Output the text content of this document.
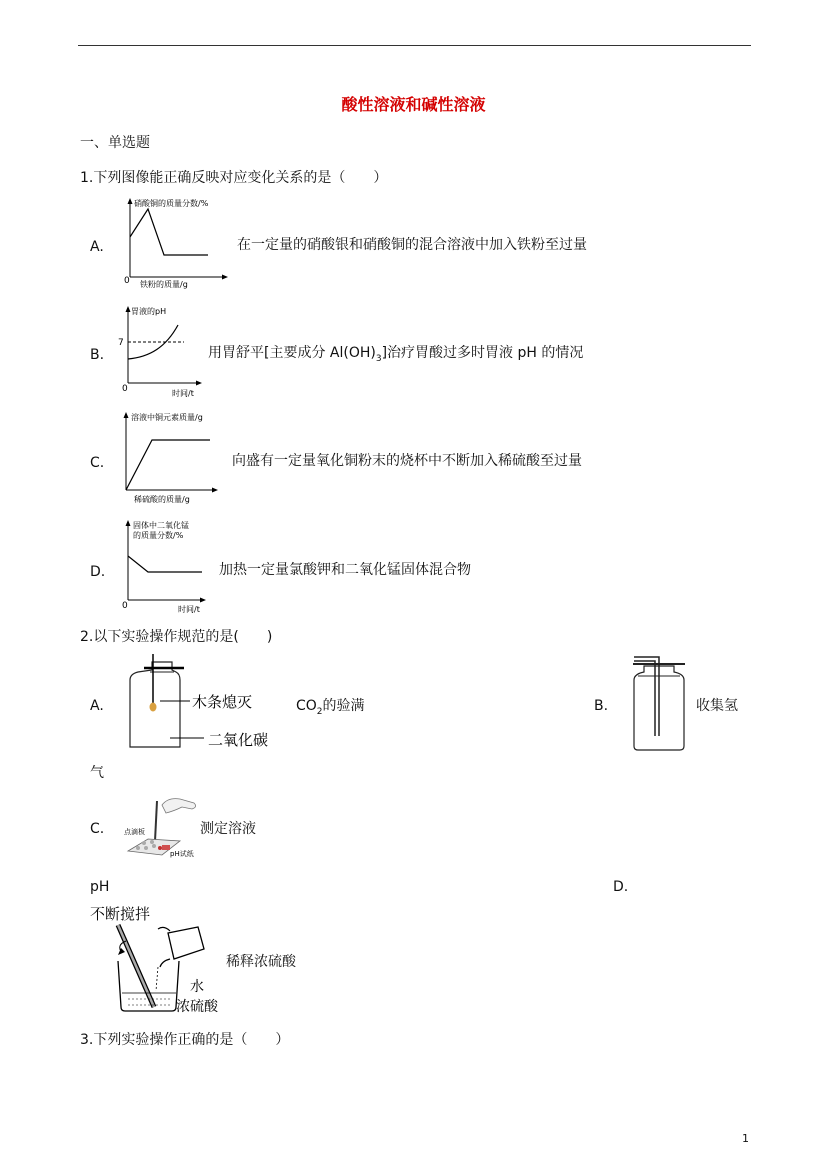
酸性溶液和碱性溶液
一、单选题
1.下列图像能正确反映对应变化关系的是（　　）
A.
硝酸铜的质量分数/%
铁粉的质量/g
0
在一定量的硝酸银和硝酸铜的混合溶液中加入铁粉至过量
B.
胃液的pH
7
0	时间/t
用胃舒平[主要成分 $Al(OH)_3$]治疗胃酸过多时胃液 pH 的情况
C.
溶液中铜元素质量/g
稀硫酸的质量/g
向盛有一定量氧化铜粉末的烧杯中不断加入稀硫酸至过量
D.
固体中二氧化锰
的质量分数/%
0	时间/t
加热一定量氯酸钾和二氧化锰固体混合物
2.以下实验操作规范的是(　　)
A.	木条熄灭
二氧化碳
$CO_2$的验满	B.	收集氢
气
C.	点滴板
pH试纸
测定溶液
pH	D.
不断搅拌
水
浓硫酸
稀释浓硫酸
3.下列实验操作正确的是（　　）
1
